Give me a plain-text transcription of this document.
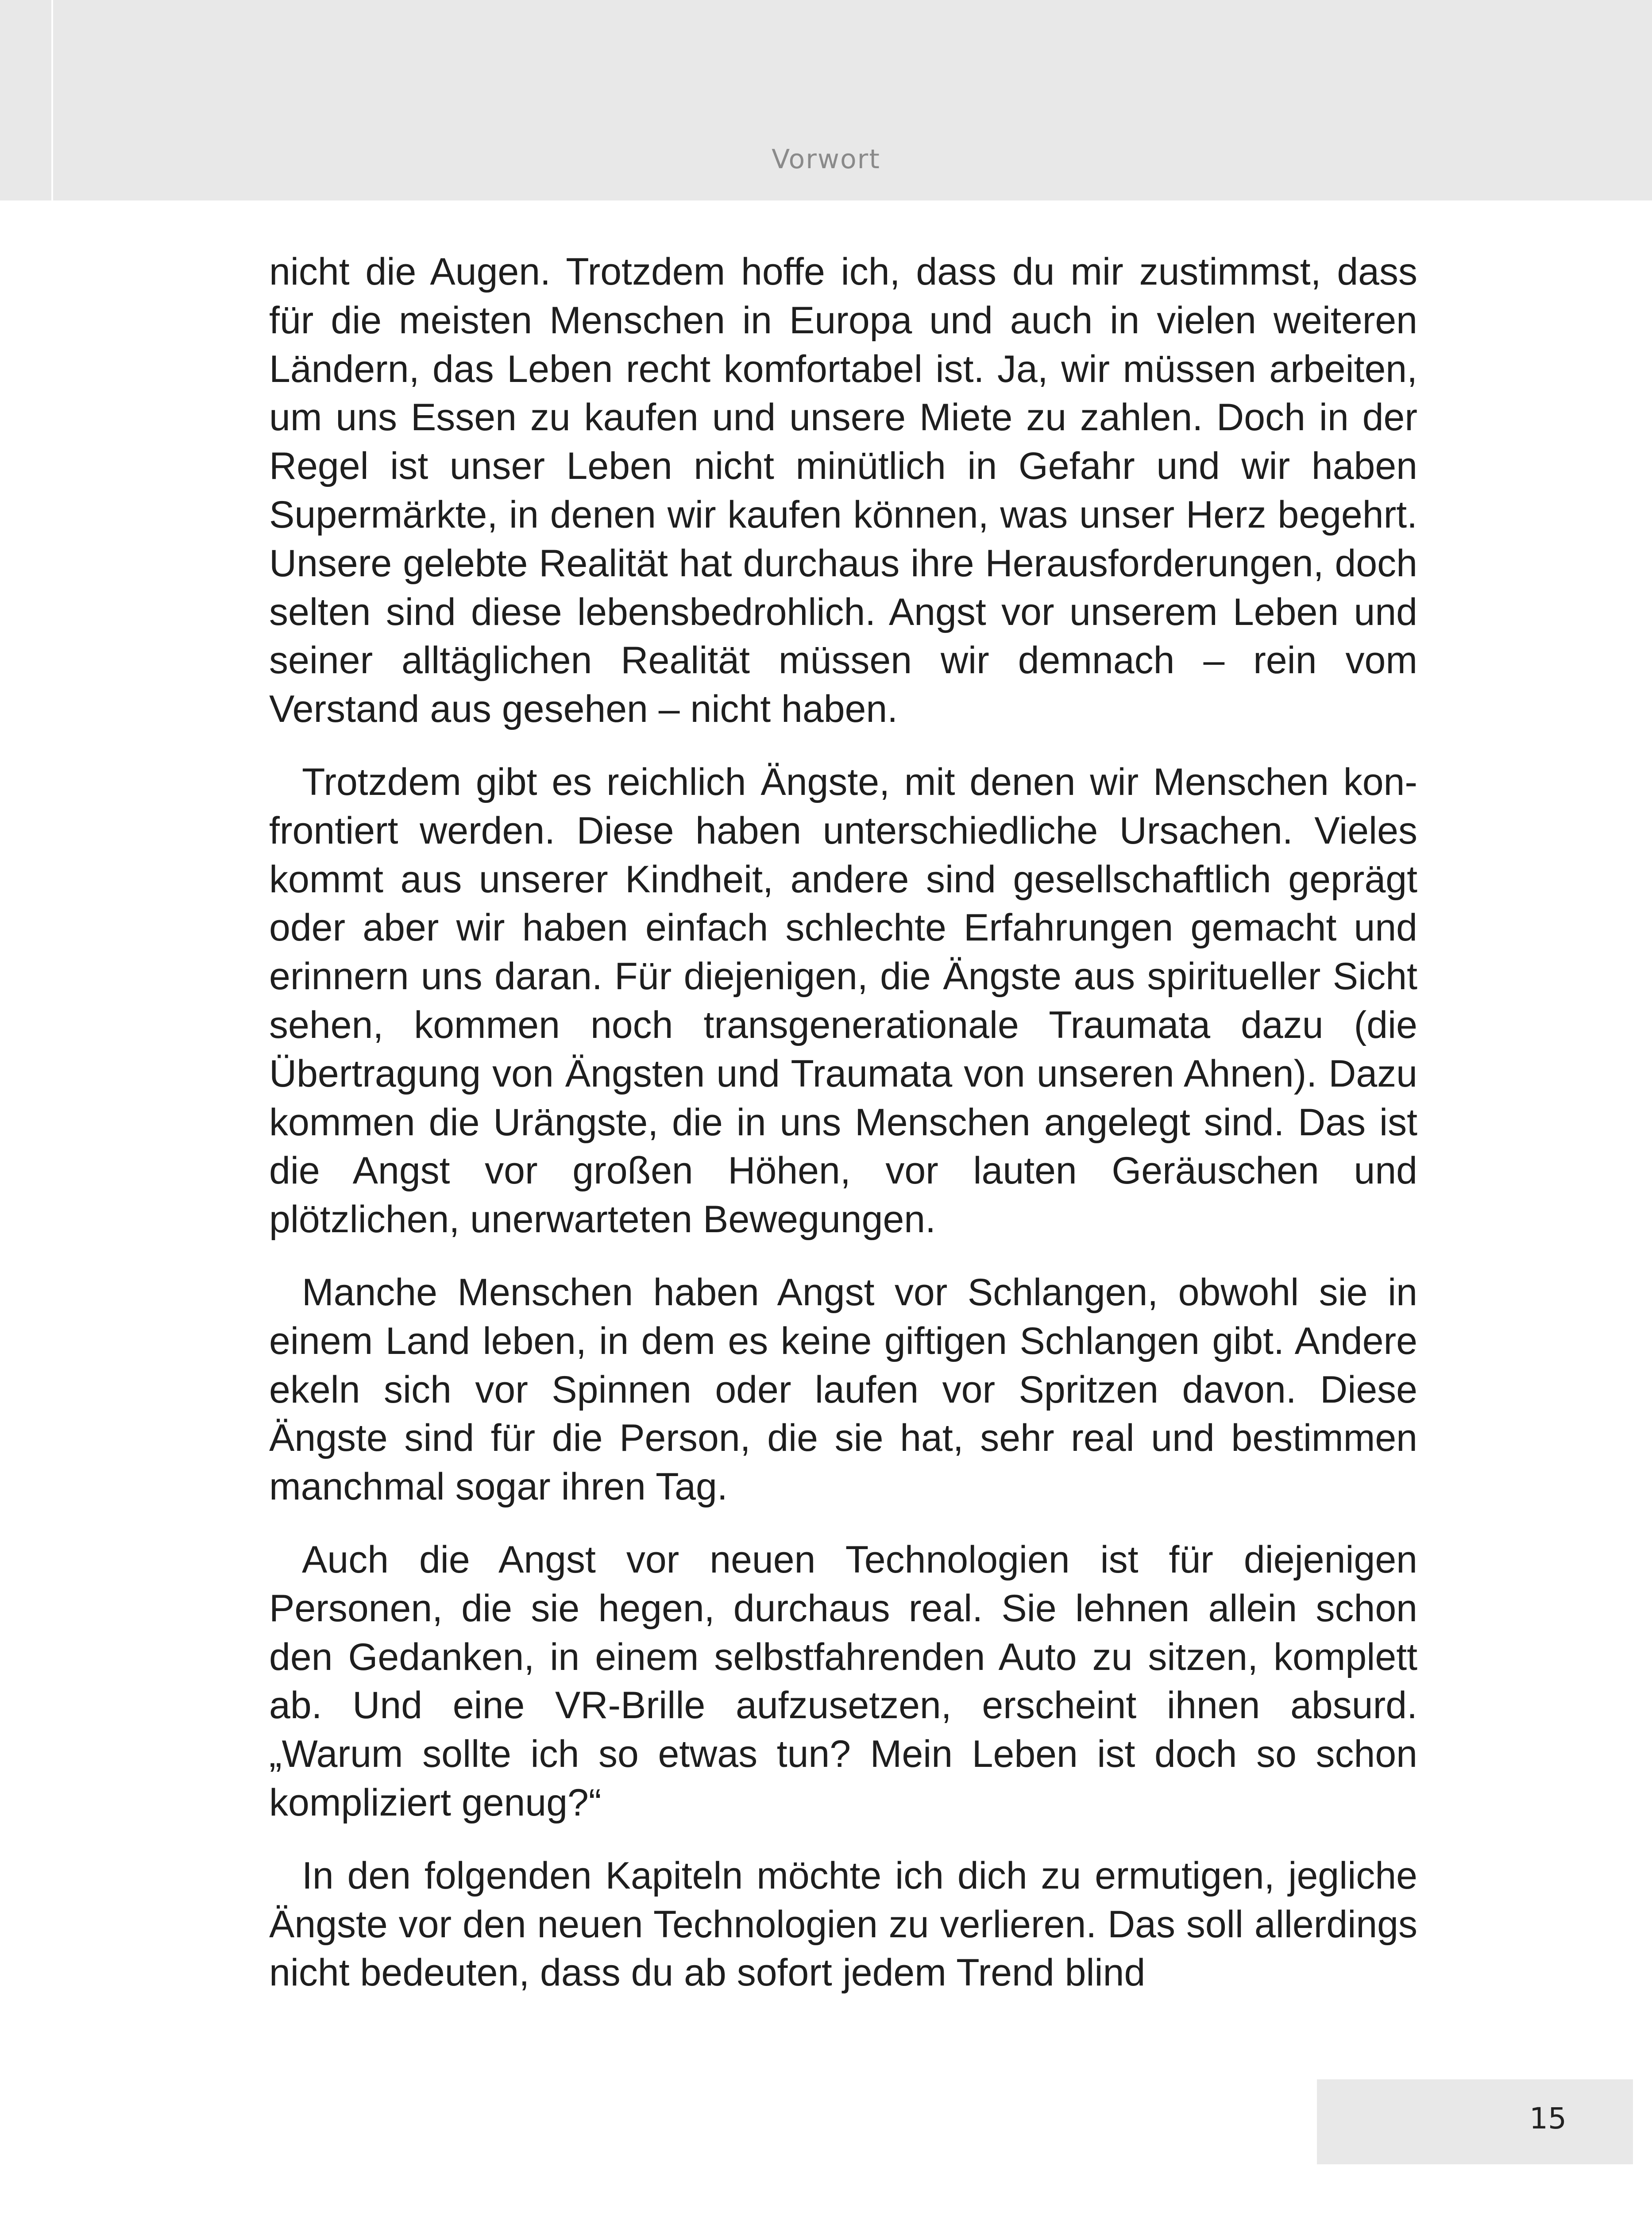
Vorwort

nicht die Augen. Trotzdem hoffe ich, dass du mir zustimmst, dass für die meisten Menschen in Europa und auch in vielen weiteren Ländern, das Leben recht komfortabel ist. Ja, wir müssen arbeiten, um uns Essen zu kaufen und unsere Miete zu zahlen. Doch in der Regel ist unser Leben nicht minütlich in Gefahr und wir haben Supermärkte, in denen wir kaufen können, was unser Herz begehrt. Unsere gelebte Realität hat durchaus ihre Herausforderungen, doch selten sind diese lebensbedrohlich. Angst vor unserem Leben und seiner alltäglichen Realität müssen wir demnach – rein vom Verstand aus gesehen – nicht haben.

Trotzdem gibt es reichlich Ängste, mit denen wir Menschen konfrontiert werden. Diese haben unterschiedliche Ursachen. Vieles kommt aus unserer Kindheit, andere sind gesellschaftlich geprägt oder aber wir haben einfach schlechte Erfahrungen gemacht und erinnern uns daran. Für diejenigen, die Ängste aus spiritueller Sicht sehen, kommen noch transgenerationale Traumata dazu (die Übertragung von Ängsten und Traumata von unseren Ahnen). Dazu kommen die Urängste, die in uns Menschen angelegt sind. Das ist die Angst vor großen Höhen, vor lauten Geräuschen und plötzlichen, unerwarteten Bewegungen.

Manche Menschen haben Angst vor Schlangen, obwohl sie in einem Land leben, in dem es keine giftigen Schlangen gibt. Andere ekeln sich vor Spinnen oder laufen vor Spritzen davon. Diese Ängste sind für die Person, die sie hat, sehr real und bestimmen manchmal sogar ihren Tag.

Auch die Angst vor neuen Technologien ist für diejenigen Personen, die sie hegen, durchaus real. Sie lehnen allein schon den Gedanken, in einem selbstfahrenden Auto zu sitzen, komplett ab. Und eine VR-Brille aufzusetzen, erscheint ihnen absurd. „Warum sollte ich so etwas tun? Mein Leben ist doch so schon kompliziert genug?“

In den folgenden Kapiteln möchte ich dich zu ermutigen, jegliche Ängste vor den neuen Technologien zu verlieren. Das soll allerdings nicht bedeuten, dass du ab sofort jedem Trend blind

15
